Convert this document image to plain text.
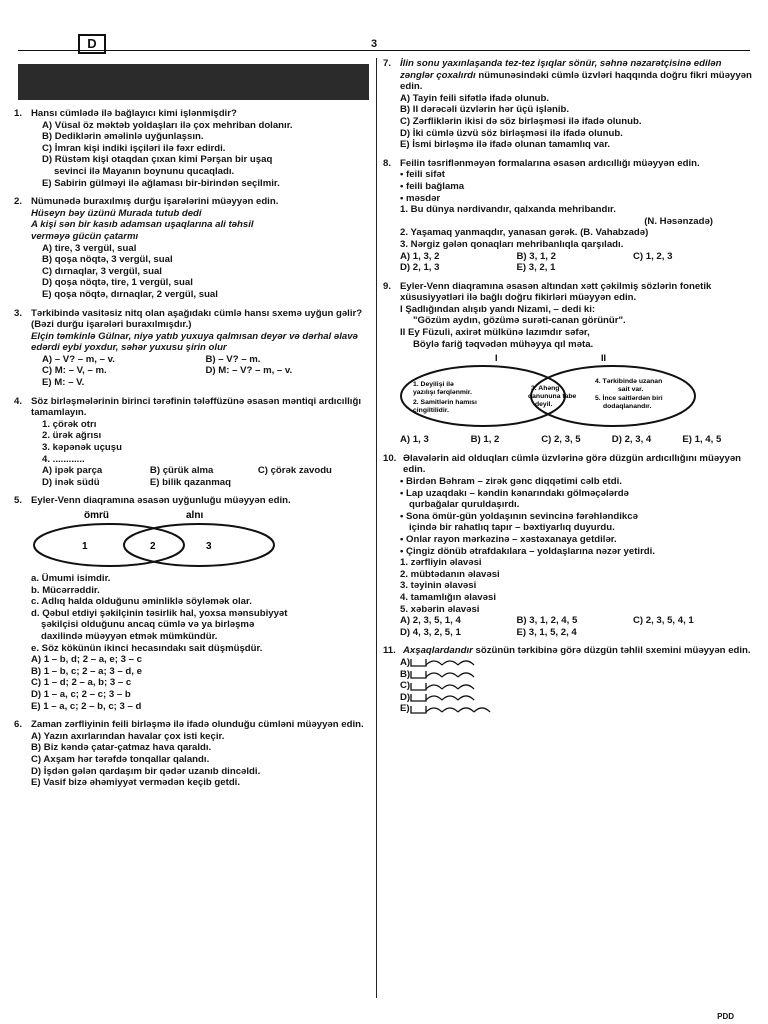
D	3
1. Hansı cümlədə ilə bağlayıcı kimi işlənmişdir?
A) Vüsal öz məktəb yoldaşları ilə çox mehriban dolanır.
B) Dediklərin əməlinlə uyğunlaşsın.
C) İmran kişi indiki işçiləri ilə fəxr edirdi.
D) Rüstəm kişi otaqdan çıxan kimi Pərşan bir uşaq
sevinci ilə Mayanın boynunu qucaqladı.
E) Sabirin gülməyi ilə ağlaması bir-birindən seçilmir.
2. Nümunədə buraxılmış durğu işarələrini müəyyən edin.
Hüseyn bəy üzünü Murada tutub dedi
A kişi sən bir kasıb adamsan uşaqlarına ali təhsil
verməyə gücün çatarmı
A) tire, 3 vergül, sual
B) qoşa nöqtə, 3 vergül, sual
C) dırnaqlar, 3 vergül, sual
D) qoşa nöqtə, tire, 1 vergül, sual
E) qoşa nöqtə, dırnaqlar, 2 vergül, sual
3. Tərkibində vasitəsiz nitq olan aşağıdakı cümlə hansı sxemə uyğun gəlir? (Bəzi durğu işarələri buraxılmışdır.)
Elçin təmkinlə Gülnar, niyə yatıb yuxuya qalmısan deyər və dərhal əlavə edərdi eybi yoxdur, səhər yuxusu şirin olur
A) – V? – m, – v.	B) – V? – m.
C) M: – V, – m.	D) M: – V? – m, – v.
E) M: – V.
4. Söz birləşmələrinin birinci tərəfinin tələffüzünə əsasən məntiqi ardıcıllığı tamamlayın.
1. çörək otrı
2. ürək ağrısı
3. kəpənək uçuşu
4. ............
A) ipək parça	B) çürük alma	C) çörək zavodu
D) inək südü	E) bilik qazanmaq
5. Eyler-Venn diaqramına əsasən uyğunluğu müəyyən edin.
ömrü	alnı
1	2	3
a. Ümumi isimdir.
b. Mücərrəddir.
c. Adlıq halda olduğunu əminliklə söyləmək olar.
d. Qəbul etdiyi şəkilçinin təsirlik hal, yoxsa mənsubiyyət
şəkilçisi olduğunu ancaq cümlə və ya birləşmə
daxilində müəyyən etmək mümkündür.
e. Söz kökünün ikinci hecasındakı sait düşmüşdür.
A) 1 – b, d; 2 – a, e; 3 – c
B) 1 – b, c; 2 – a; 3 – d, e
C) 1 – d; 2 – a, b; 3 – c
D) 1 – a, c; 2 – c; 3 – b
E) 1 – a, c; 2 – b, c; 3 – d
6. Zaman zərfliyinin feili birləşmə ilə ifadə olunduğu cümləni müəyyən edin.
A) Yazın axırlarından havalar çox isti keçir.
B) Biz kəndə çatar-çatmaz hava qaraldı.
C) Axşam hər tərəfdə tonqallar qalandı.
D) İşdən gələn qardaşım bir qədər uzanıb dincəldi.
E) Vasif bizə əhəmiyyət vermədən keçib getdi.
7. İlin sonu yaxınlaşanda tez-tez işıqlar sönür, səhnə nəzarətçisinə edilən zənglər çoxalırdı nümunəsindəki cümlə üzvləri haqqında doğru fikri müəyyən edin.
A) Tayin feili sifətlə ifadə olunub.
B) II dərəcəli üzvlərin hər üçü işlənib.
C) Zərfliklərin ikisi də söz birləşməsi ilə ifadə olunub.
D) İki cümlə üzvü söz birləşməsi ilə ifadə olunub.
E) İsmi birləşmə ilə ifadə olunan tamamlıq var.
8. Feilin təsriflənməyən formalarına əsasən ardıcıllığı müəyyən edin.
• feili sifət
• feili bağlama
• məsdər
1. Bu dünya nərdivandır, qalxanda mehribandır.
(N. Həsənzadə)
2. Yaşamaq yanmaqdır, yanasan gərək. (B. Vahabzadə)
3. Nərgiz gələn qonaqları mehribanlıqla qarşıladı.
A) 1, 3, 2	B) 3, 1, 2	C) 1, 2, 3
D) 2, 1, 3	E) 3, 2, 1
9. Eyler-Venn diaqramına əsasən altından xətt çəkilmiş sözlərin fonetik xüsusiyyətləri ilə bağlı doğru fikirləri müəyyən edin.
I Şadlığından alışıb yandı Nizami, – dedi ki:
"Gözüm aydın, gözümə surəti-canan görünür".
II Ey Füzuli, axirət mülkünə lazımdır səfər,
Böylə fariğ təqvədən mühəyya qıl məta.
I	II
1. Deyilişi ilə
yazılışı fərqlənmir.
2. Samitlərin hamısı
cingiltilidir.
3. Ahəng
qanununa tabe
deyil.
4. Tərkibində uzanan
sait var.
5. İnce saitlərdən biri
dodaqlanandır.
A) 1, 3	B) 1, 2	C) 2, 3, 5	D) 2, 3, 4	E) 1, 4, 5
10. Əlavələrin aid olduqları cümlə üzvlərinə görə düzgün ardıcıllığını müəyyən edin.
• Birdən Bəhram – zirək gənc diqqətimi cəlb etdi.
• Lap uzaqdakı – kəndin kənarındakı gölməçələrdə
qurbağalar quruldaşırdı.
• Sona ömür-gün yoldaşının sevincinə fərəhləndikcə
içində bir rahatlıq tapır – bəxtiyarlıq duyurdu.
• Onlar rayon mərkəzinə – xəstəxanaya getdilər.
• Çingiz dönüb ətrafdakılara – yoldaşlarına nəzər yetirdi.
1. zərfliyin əlavəsi
2. mübtədanın əlavəsi
3. təyinin əlavəsi
4. tamamlığın əlavəsi
5. xəbərin əlavəsi
A) 2, 3, 5, 1, 4	B) 3, 1, 2, 4, 5	C) 2, 3, 5, 4, 1
D) 4, 3, 2, 5, 1	E) 3, 1, 5, 2, 4
11. Axşaqlardandır sözünün tərkibinə görə düzgün təhlil sxemini müəyyən edin.
A)
B)
C)
D)
E)
PDD
